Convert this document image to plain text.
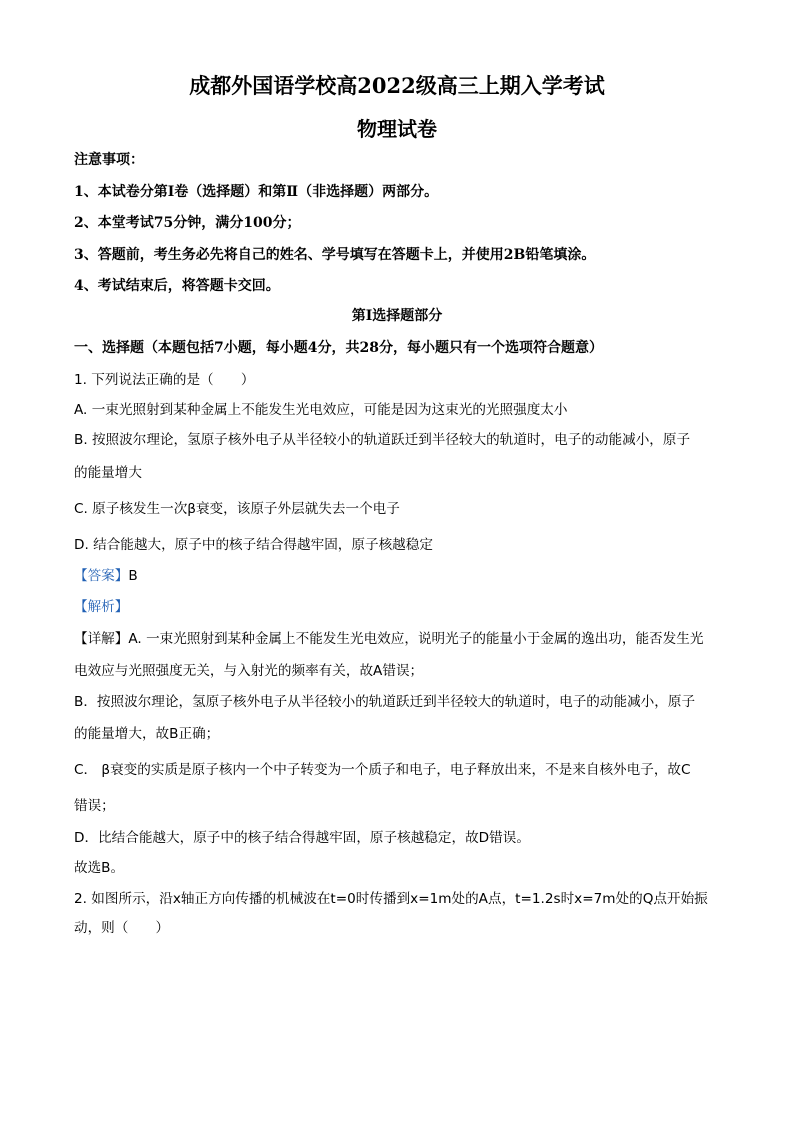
成都外国语学校高2022级高三上期入学考试
物理试卷
注意事项：
1、本试卷分第Ⅰ卷（选择题）和第Ⅱ（非选择题）两部分。
2、本堂考试75分钟，满分100分；
3、答题前，考生务必先将自己的姓名、学号填写在答题卡上，并使用2B铅笔填涂。
4、考试结束后，将答题卡交回。
第Ⅰ选择题部分
一、选择题（本题包括7小题，每小题4分，共28分，每小题只有一个选项符合题意）
1. 下列说法正确的是（　　）
A. 一束光照射到某种金属上不能发生光电效应，可能是因为这束光的光照强度太小
B. 按照波尔理论，氢原子核外电子从半径较小的轨道跃迁到半径较大的轨道时，电子的动能减小，原子
的能量增大
C. 原子核发生一次β衰变，该原子外层就失去一个电子
D. 结合能越大，原子中的核子结合得越牢固，原子核越稳定
【答案】B
【解析】
【详解】A. 一束光照射到某种金属上不能发生光电效应，说明光子的能量小于金属的逸出功，能否发生光
电效应与光照强度无关，与入射光的频率有关，故A错误；
B．按照波尔理论，氢原子核外电子从半径较小的轨道跃迁到半径较大的轨道时，电子的动能减小，原子
的能量增大，故B正确；
C． β衰变的实质是原子核内一个中子转变为一个质子和电子，电子释放出来，不是来自核外电子，故C
错误；
D．比结合能越大，原子中的核子结合得越牢固，原子核越稳定，故D错误。
故选B。
2. 如图所示，沿x轴正方向传播的机械波在t=0时传播到x=1m处的A点，t=1.2s时x=7m处的Q点开始振
动，则（　　）
